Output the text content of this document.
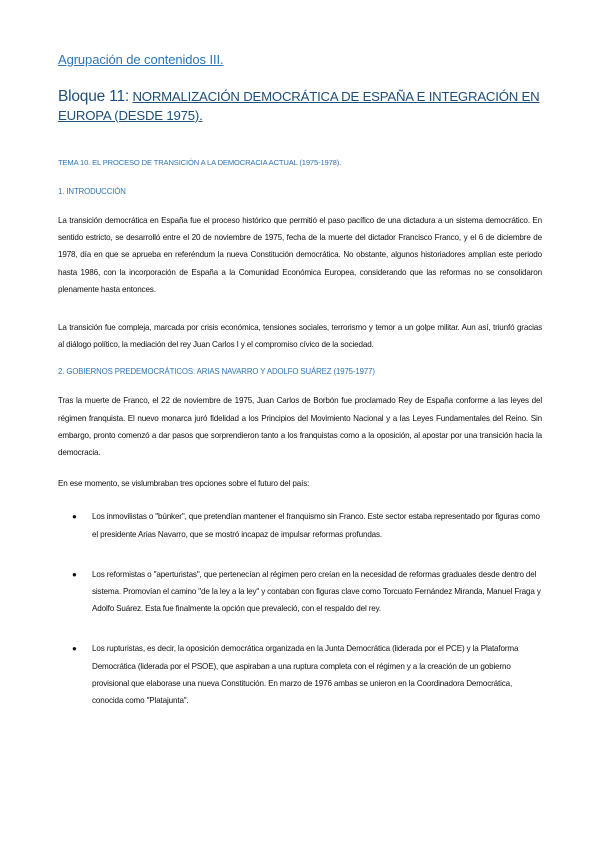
Agrupación de contenidos III.

Bloque 11: NORMALIZACIÓN DEMOCRÁTICA DE ESPAÑA E INTEGRACIÓN EN EUROPA (DESDE 1975).

TEMA 10. EL PROCESO DE TRANSICIÓN A LA DEMOCRACIA ACTUAL (1975-1978).

1. INTRODUCCIÓN

La transición democrática en España fue el proceso histórico que permitió el paso pacífico de una dictadura a un sistema democrático. En sentido estricto, se desarrolló entre el 20 de noviembre de 1975, fecha de la muerte del dictador Francisco Franco, y el 6 de diciembre de 1978, día en que se aprueba en referéndum la nueva Constitución democrática. No obstante, algunos historiadores amplían este periodo hasta 1986, con la incorporación de España a la Comunidad Económica Europea, considerando que las reformas no se consolidaron plenamente hasta entonces.

La transición fue compleja, marcada por crisis económica, tensiones sociales, terrorismo y temor a un golpe militar. Aun así, triunfó gracias al diálogo político, la mediación del rey Juan Carlos I y el compromiso cívico de la sociedad.

2. GOBIERNOS PREDEMOCRÁTICOS: ARIAS NAVARRO Y ADOLFO SUÁREZ (1975-1977)

Tras la muerte de Franco, el 22 de noviembre de 1975, Juan Carlos de Borbón fue proclamado Rey de España conforme a las leyes del régimen franquista. El nuevo monarca juró fidelidad a los Principios del Movimiento Nacional y a las Leyes Fundamentales del Reino. Sin embargo, pronto comenzó a dar pasos que sorprendieron tanto a los franquistas como a la oposición, al apostar por una transición hacia la democracia.

En ese momento, se vislumbraban tres opciones sobre el futuro del país:

● Los inmovilistas o "búnker", que pretendían mantener el franquismo sin Franco. Este sector estaba representado por figuras como el presidente Arias Navarro, que se mostró incapaz de impulsar reformas profundas.
● Los reformistas o "aperturistas", que pertenecían al régimen pero creían en la necesidad de reformas graduales desde dentro del sistema. Promovían el camino "de la ley a la ley" y contaban con figuras clave como Torcuato Fernández Miranda, Manuel Fraga y Adolfo Suárez. Esta fue finalmente la opción que prevaleció, con el respaldo del rey.
● Los rupturistas, es decir, la oposición democrática organizada en la Junta Democrática (liderada por el PCE) y la Plataforma Democrática (liderada por el PSOE), que aspiraban a una ruptura completa con el régimen y a la creación de un gobierno provisional que elaborase una nueva Constitución. En marzo de 1976 ambas se unieron en la Coordinadora Democrática, conocida como "Platajunta".
